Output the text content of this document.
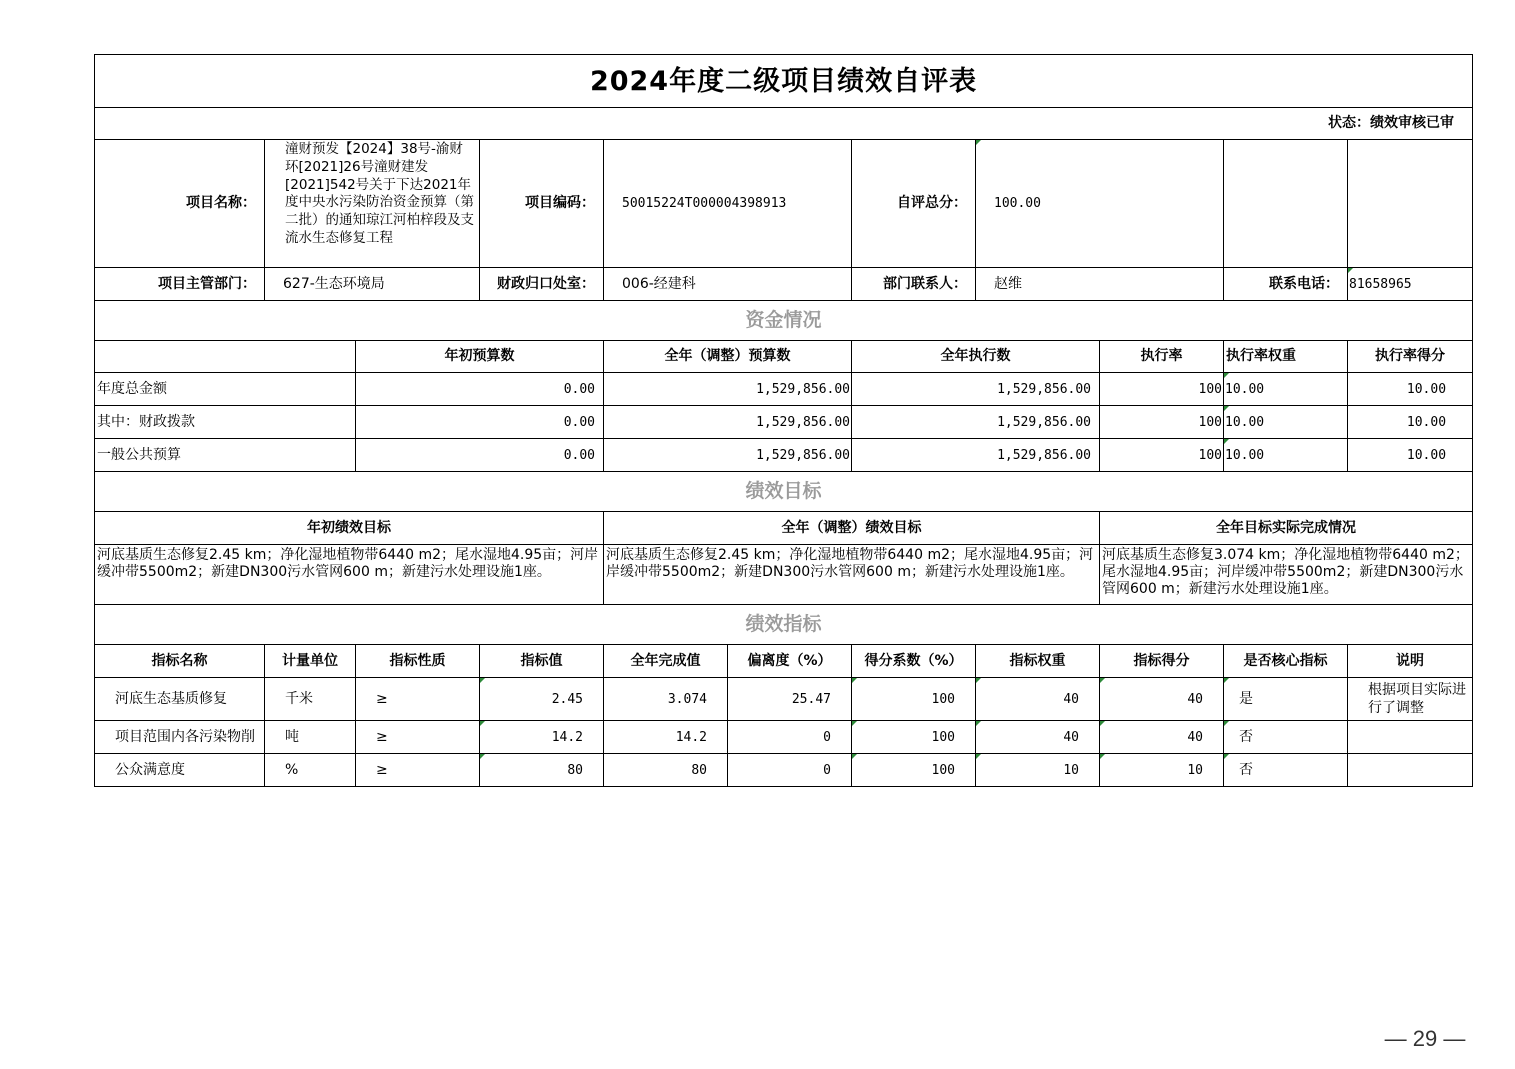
2024年度二级项目绩效自评表										
状态：绩效审核已审										
项目名称：	潼财预发【2024】38号-渝财环[2021]26号潼财建发[2021]542号关于下达2021年度中央水污染防治资金预算（第二批）的通知琼江河柏梓段及支流水生态修复工程		项目编码：	50015224T000004398913		自评总分：	100.00			
项目主管部门：	627-生态环境局		财政归口处室：	006-经建科		部门联系人：	赵维		联系电话：	81658965
资金情况										
		年初预算数		全年（调整）预算数		全年执行数		执行率	执行率权重	执行率得分
年度总金额		0.00		1,529,856.00		1,529,856.00		100	10.00	10.00
其中：财政拨款		0.00		1,529,856.00		1,529,856.00		100	10.00	10.00
一般公共预算		0.00		1,529,856.00		1,529,856.00		100	10.00	10.00
绩效目标										
年初绩效目标				全年（调整）绩效目标				全年目标实际完成情况		
河底基质生态修复2.45 km；净化湿地植物带6440 m2；尾水湿地4.95亩；河岸缓冲带5500m2；新建DN300污水管网600 m；新建污水处理设施1座。				河底基质生态修复2.45 km；净化湿地植物带6440 m2；尾水湿地4.95亩；河岸缓冲带5500m2；新建DN300污水管网600 m；新建污水处理设施1座。				河底基质生态修复3.074 km；净化湿地植物带6440 m2；尾水湿地4.95亩；河岸缓冲带5500m2；新建DN300污水管网600 m；新建污水处理设施1座。		
绩效指标										
指标名称	计量单位	指标性质	指标值	全年完成值	偏离度（%）	得分系数（%）	指标权重	指标得分	是否核心指标	说明
河底生态基质修复	千米	≥	2.45	3.074	25.47	100	40	40	是	根据项目实际进行了调整
项目范围内各污染物削	吨	≥	14.2	14.2	0	100	40	40	否	
公众满意度	%	≥	80	80	0	100	10	10	否	
— 29 —
